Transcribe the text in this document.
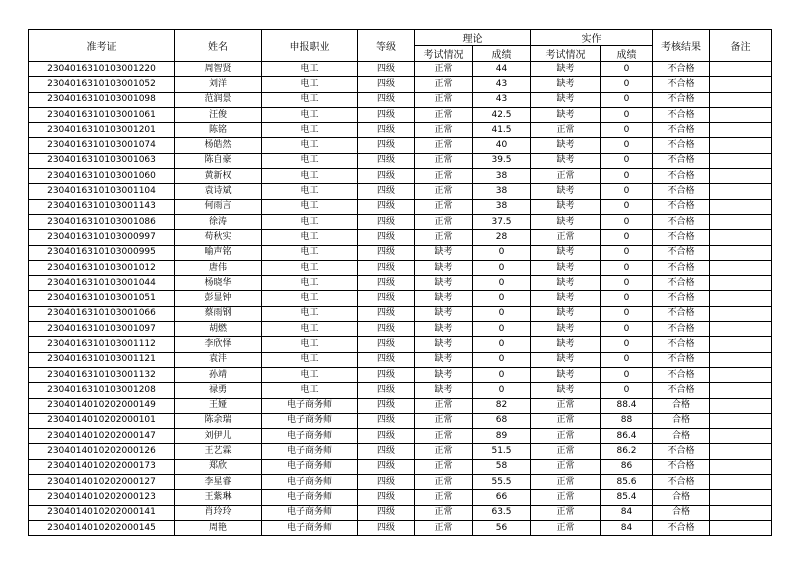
准考证	姓名	申报职业	等级	理论		实作		考核结果	备注
				考试情况	成绩	考试情况	成绩		
2304016310103001220	周智贤	电工	四级	正常	44	缺考	0	不合格	
2304016310103001052	刘洋	电工	四级	正常	43	缺考	0	不合格	
2304016310103001098	范润景	电工	四级	正常	43	缺考	0	不合格	
2304016310103001061	汪俊	电工	四级	正常	42.5	缺考	0	不合格	
2304016310103001201	陈铭	电工	四级	正常	41.5	正常	0	不合格	
2304016310103001074	杨皓然	电工	四级	正常	40	缺考	0	不合格	
2304016310103001063	陈自豪	电工	四级	正常	39.5	缺考	0	不合格	
2304016310103001060	黄新权	电工	四级	正常	38	正常	0	不合格	
2304016310103001104	袁诗斌	电工	四级	正常	38	缺考	0	不合格	
2304016310103001143	何雨言	电工	四级	正常	38	缺考	0	不合格	
2304016310103001086	徐涛	电工	四级	正常	37.5	缺考	0	不合格	
2304016310103000997	苟秋实	电工	四级	正常	28	正常	0	不合格	
2304016310103000995	喻声铭	电工	四级	缺考	0	缺考	0	不合格	
2304016310103001012	唐伟	电工	四级	缺考	0	缺考	0	不合格	
2304016310103001044	杨晓华	电工	四级	缺考	0	缺考	0	不合格	
2304016310103001051	彭显钟	电工	四级	缺考	0	缺考	0	不合格	
2304016310103001066	蔡雨钢	电工	四级	缺考	0	缺考	0	不合格	
2304016310103001097	胡燃	电工	四级	缺考	0	缺考	0	不合格	
2304016310103001112	李欣怿	电工	四级	缺考	0	缺考	0	不合格	
2304016310103001121	袁沣	电工	四级	缺考	0	缺考	0	不合格	
2304016310103001132	孙靖	电工	四级	缺考	0	缺考	0	不合格	
2304016310103001208	禄勇	电工	四级	缺考	0	缺考	0	不合格	
2304014010202000149	王娅	电子商务师	四级	正常	82	正常	88.4	合格	
2304014010202000101	陈余瑞	电子商务师	四级	正常	68	正常	88	合格	
2304014010202000147	刘伊儿	电子商务师	四级	正常	89	正常	86.4	合格	
2304014010202000126	王艺霖	电子商务师	四级	正常	51.5	正常	86.2	不合格	
2304014010202000173	郑欣	电子商务师	四级	正常	58	正常	86	不合格	
2304014010202000127	李星睿	电子商务师	四级	正常	55.5	正常	85.6	不合格	
2304014010202000123	王紫琳	电子商务师	四级	正常	66	正常	85.4	合格	
2304014010202000141	肖玲玲	电子商务师	四级	正常	63.5	正常	84	合格	
2304014010202000145	周艳	电子商务师	四级	正常	56	正常	84	不合格	
